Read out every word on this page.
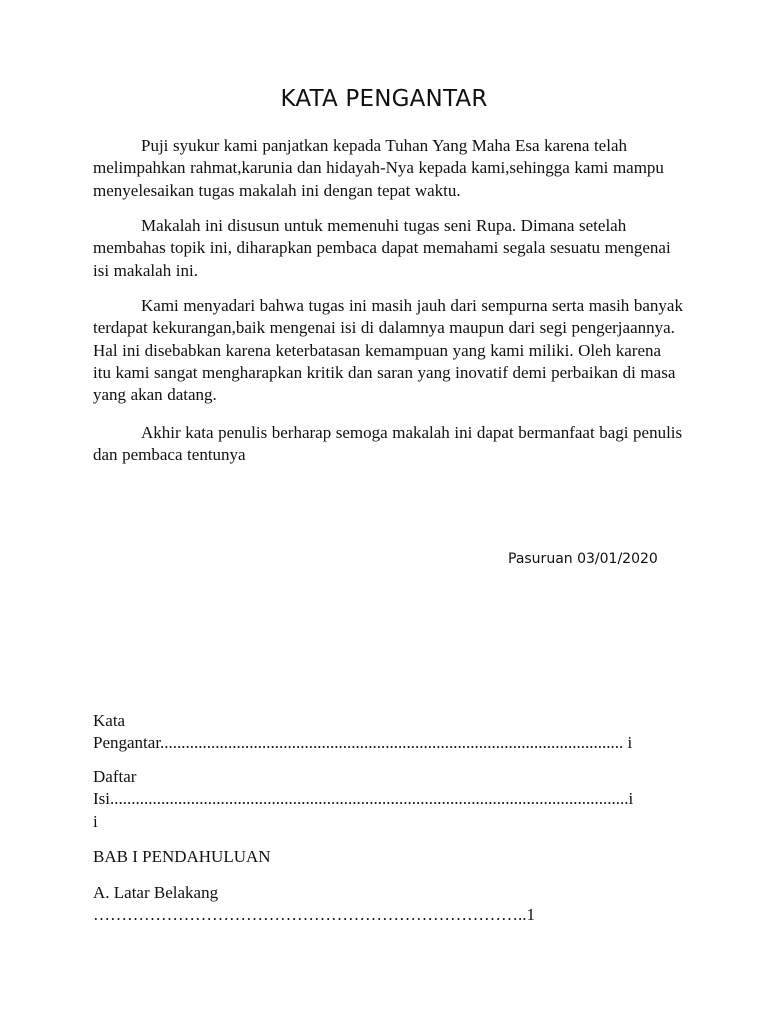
KATA PENGANTAR

Puji syukur kami panjatkan kepada Tuhan Yang Maha Esa karena telah melimpahkan rahmat,karunia dan hidayah-Nya kepada kami,sehingga kami mampu menyelesaikan tugas makalah ini dengan tepat waktu.

Makalah ini disusun untuk memenuhi tugas seni Rupa. Dimana setelah membahas topik ini, diharapkan pembaca dapat memahami segala sesuatu mengenai isi makalah ini.

Kami menyadari bahwa tugas ini masih jauh dari sempurna serta masih banyak terdapat kekurangan,baik mengenai isi di dalamnya maupun dari segi pengerjaannya. Hal ini disebabkan karena keterbatasan kemampuan yang kami miliki. Oleh karena itu kami sangat mengharapkan kritik dan saran yang inovatif demi perbaikan di masa yang akan datang.

Akhir kata penulis berharap semoga makalah ini dapat bermanfaat bagi penulis dan pembaca tentunya

Pasuruan 03/01/2020
Kata
Pengantar............................................................................................................. i
Daftar
Isi..........................................................................................................................i
i
BAB I PENDAHULUAN
A. Latar Belakang
…………………………………………………………………..1
